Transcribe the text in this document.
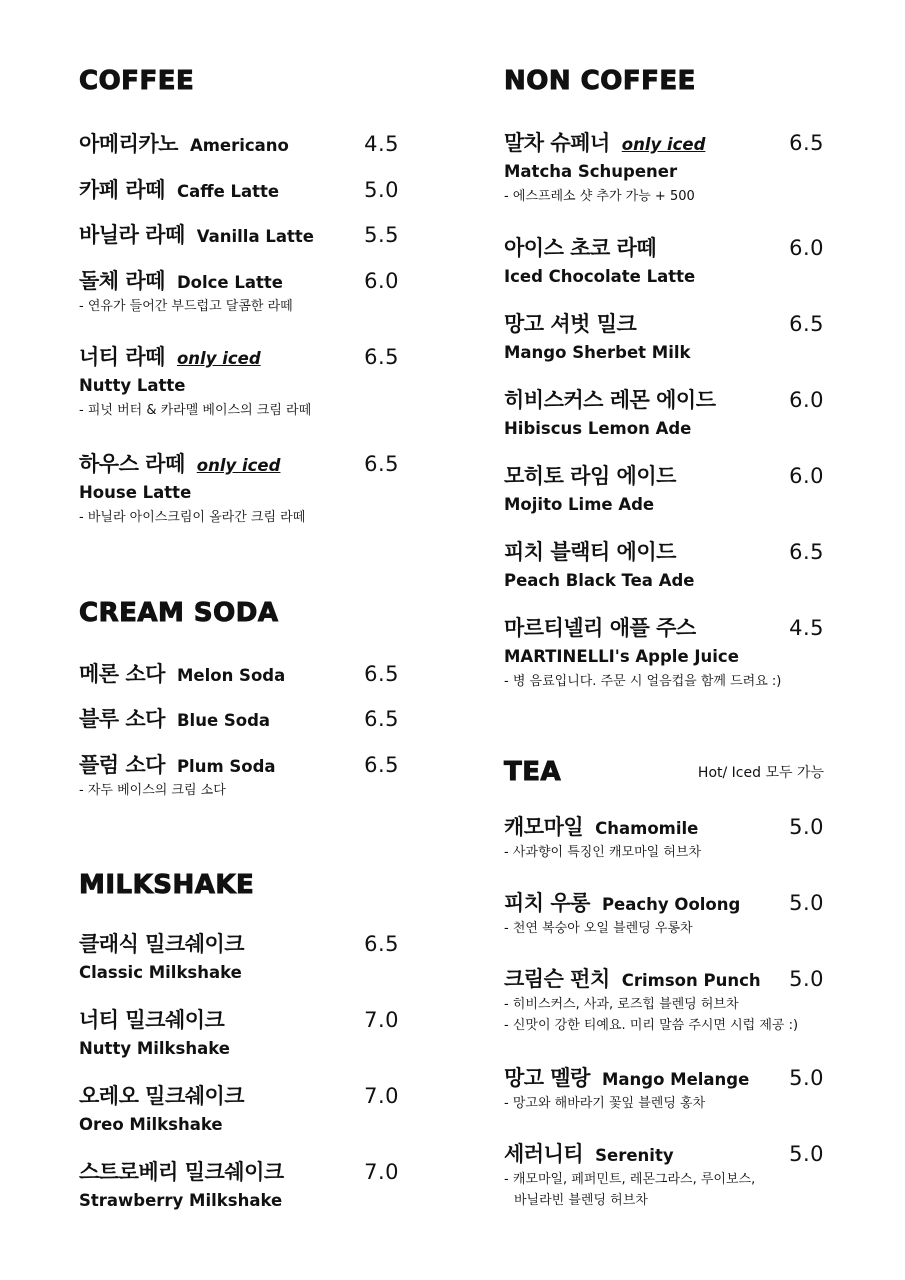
COFFEE
아메리카노 Americano	4.5
카페 라떼 Caffe Latte	5.0
바닐라 라떼 Vanilla Latte 5.5
돌체 라떼 Dolce Latte	6.0
- 연유가 들어간 부드럽고 달콤한 라떼
너티 라떼 only iced	6.5
Nutty Latte
- 피넛 버터 & 카라멜 베이스의 크림 라떼
하우스 라떼 only iced	6.5
House Latte
- 바닐라 아이스크림이 올라간 크림 라떼
CREAM SODA
메론 소다 Melon Soda	6.5
블루 소다 Blue Soda	6.5
플럼 소다 Plum Soda	6.5
- 자두 베이스의 크림 소다
MILKSHAKE
클래식 밀크쉐이크	6.5
Classic Milkshake
너티 밀크쉐이크	7.0
Nutty Milkshake
오레오 밀크쉐이크	7.0
Oreo Milkshake
스트로베리 밀크쉐이크	7.0
Strawberry Milkshake
NON COFFEE
말차 슈페너 only iced	6.5
Matcha Schupener
- 에스프레소 샷 추가 가능 + 500
아이스 초코 라떼	6.0
Iced Chocolate Latte
망고 셔벗 밀크	6.5
Mango Sherbet Milk
히비스커스 레몬 에이드	6.0
Hibiscus Lemon Ade
모히토 라임 에이드	6.0
Mojito Lime Ade
피치 블랙티 에이드	6.5
Peach Black Tea Ade
마르티넬리 애플 주스	4.5
MARTINELLI's Apple Juice
- 병 음료입니다. 주문 시 얼음컵을 함께 드려요 :)
TEA	Hot/ Iced 모두 가능
캐모마일 Chamomile	5.0
- 사과향이 특징인 캐모마일 허브차
피치 우롱 Peachy Oolong 5.0
- 천연 복숭아 오일 블렌딩 우롱차
크림슨 펀치 Crimson Punch 5.0
- 히비스커스, 사과, 로즈힙 블렌딩 허브차
- 신맛이 강한 티예요. 미리 말씀 주시면 시럽 제공 :)
망고 멜랑 Mango Melange 5.0
- 망고와 해바라기 꽃잎 블렌딩 홍차
세러니티 Serenity	5.0
- 캐모마일, 페퍼민트, 레몬그라스, 루이보스,
바닐라빈 블렌딩 허브차
